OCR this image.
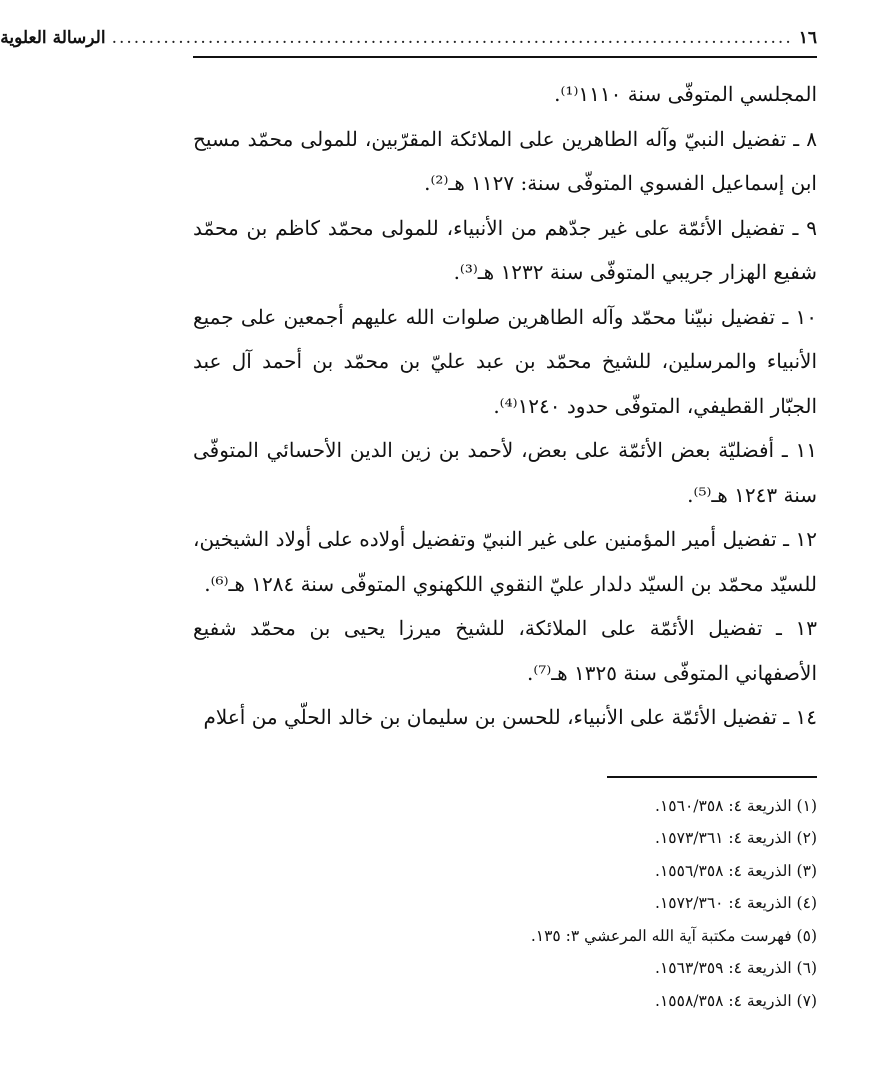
١٦
............................................................................................
الرسالة العلوية

المجلسي المتوفّى سنة ١١١٠⁽¹⁾.

٨ ـ تفضيل النبيّ وآله الطاهرين على الملائكة المقرّبين، للمولى محمّد مسيح ابن إسماعيل الفسوي المتوفّى سنة: ١١٢٧ هـ⁽²⁾.

٩ ـ تفضيل الأئمّة على غير جدّهم من الأنبياء، للمولى محمّد كاظم بن محمّد شفيع الهزار جريبي المتوفّى سنة ١٢٣٢ هـ⁽³⁾.

١٠ ـ تفضيل نبيّنا محمّد وآله الطاهرين صلوات الله عليهم أجمعين على جميع الأنبياء والمرسلين، للشيخ محمّد بن عبد عليّ بن محمّد بن أحمد آل عبد الجبّار القطيفي، المتوفّى حدود ١٢٤٠⁽⁴⁾.

١١ ـ أفضليّة بعض الأئمّة على بعض، لأحمد بن زين الدين الأحسائي المتوفّى سنة ١٢٤٣ هـ⁽⁵⁾.

١٢ ـ تفضيل أمير المؤمنين على غير النبيّ وتفضيل أولاده على أولاد الشيخين، للسيّد محمّد بن السيّد دلدار عليّ النقوي اللكهنوي المتوفّى سنة ١٢٨٤ هـ⁽⁶⁾.

١٣ ـ تفضيل الأئمّة على الملائكة، للشيخ ميرزا يحيى بن محمّد شفيع الأصفهاني المتوفّى سنة ١٣٢٥ هـ⁽⁷⁾.

١٤ ـ تفضيل الأئمّة على الأنبياء، للحسن بن سليمان بن خالد الحلّي من أعلام

(١) الذريعة ٤: ١٥٦٠/٣٥٨.
(٢) الذريعة ٤: ١٥٧٣/٣٦١.
(٣) الذريعة ٤: ١٥٥٦/٣٥٨.
(٤) الذريعة ٤: ١٥٧٢/٣٦٠.
(٥) فهرست مكتبة آية الله المرعشي ٣: ١٣٥.
(٦) الذريعة ٤: ١٥٦٣/٣٥٩.
(٧) الذريعة ٤: ١٥٥٨/٣٥٨.
